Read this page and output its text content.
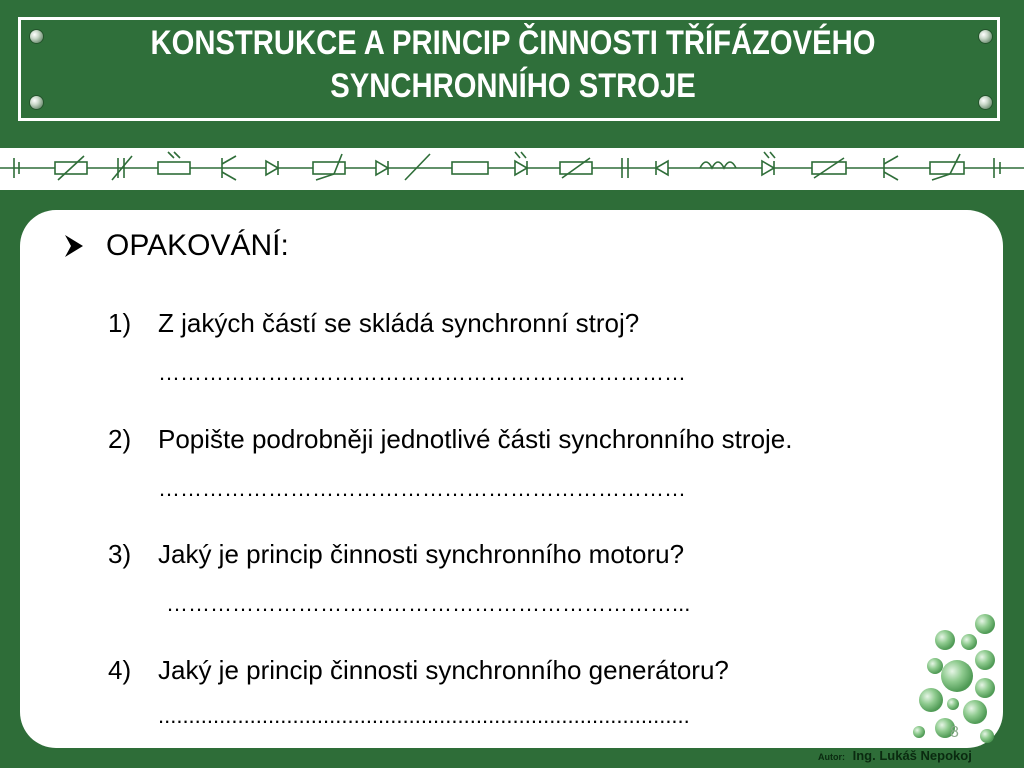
KONSTRUKCE A PRINCIP ČINNOSTI TŘÍFÁZOVÉHO
SYNCHRONNÍHO STROJE
OPAKOVÁNÍ:
1) Z jakých částí se skládá synchronní stroj?
………………………………………………………………
2) Popište podrobněji jednotlivé části synchronního stroje.
………………………………………………………………
3) Jaký je princip činnosti synchronního motoru?
……………………………………………………………...
4) Jaký je princip činnosti synchronního generátoru?
.......................................................................................
8
Autor: Ing. Lukáš Nepokoj
